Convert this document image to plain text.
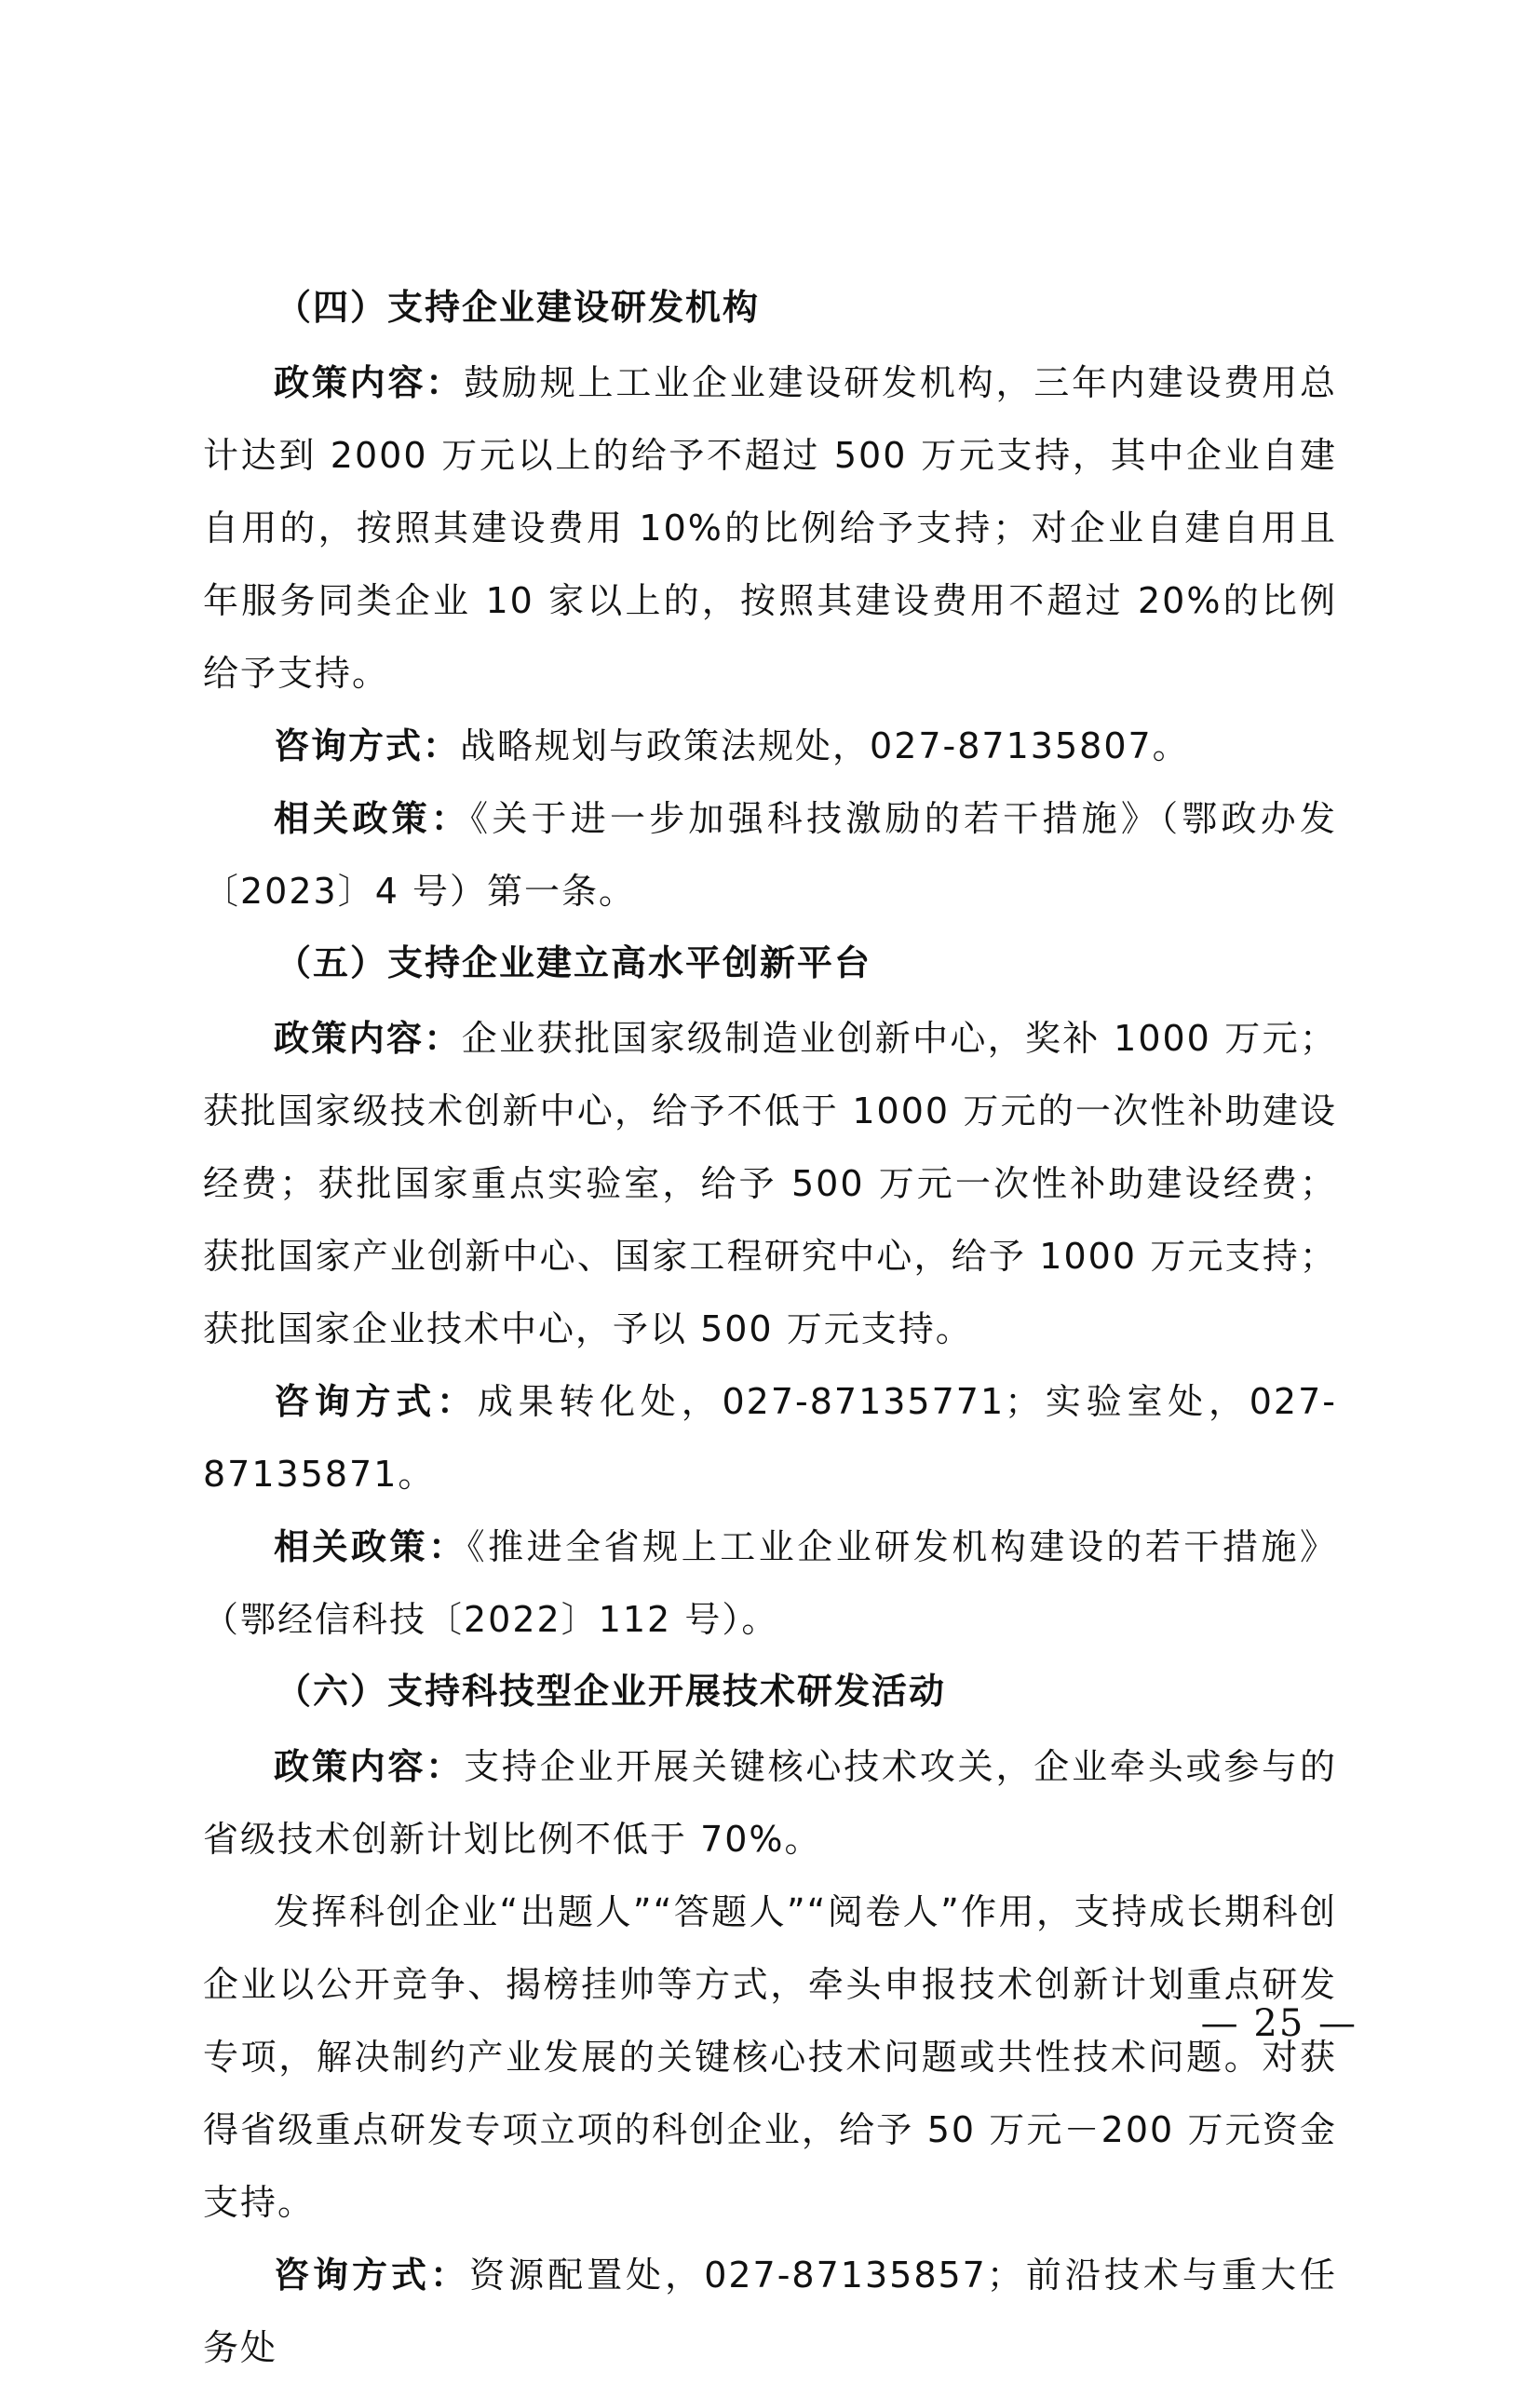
（四）支持企业建设研发机构

政策内容：鼓励规上工业企业建设研发机构，三年内建设费用总计达到 2000 万元以上的给予不超过 500 万元支持，其中企业自建自用的，按照其建设费用 10%的比例给予支持；对企业自建自用且年服务同类企业 10 家以上的，按照其建设费用不超过 20%的比例给予支持。

咨询方式：战略规划与政策法规处，027-87135807。

相关政策：《关于进一步加强科技激励的若干措施》（鄂政办发〔2023〕4 号）第一条。

（五）支持企业建立高水平创新平台

政策内容：企业获批国家级制造业创新中心，奖补 1000 万元；获批国家级技术创新中心，给予不低于 1000 万元的一次性补助建设经费；获批国家重点实验室，给予 500 万元一次性补助建设经费；获批国家产业创新中心、国家工程研究中心，给予 1000 万元支持；获批国家企业技术中心，予以 500 万元支持。

咨询方式：成果转化处，027-87135771；实验室处，027-87135871。

相关政策：《推进全省规上工业企业研发机构建设的若干措施》（鄂经信科技〔2022〕112 号）。

（六）支持科技型企业开展技术研发活动

政策内容：支持企业开展关键核心技术攻关，企业牵头或参与的省级技术创新计划比例不低于 70%。

发挥科创企业“出题人”“答题人”“阅卷人”作用，支持成长期科创企业以公开竞争、揭榜挂帅等方式，牵头申报技术创新计划重点研发专项，解决制约产业发展的关键核心技术问题或共性技术问题。对获得省级重点研发专项立项的科创企业，给予 50 万元－200 万元资金支持。

咨询方式：资源配置处，027-87135857；前沿技术与重大任务处

— 25 —
